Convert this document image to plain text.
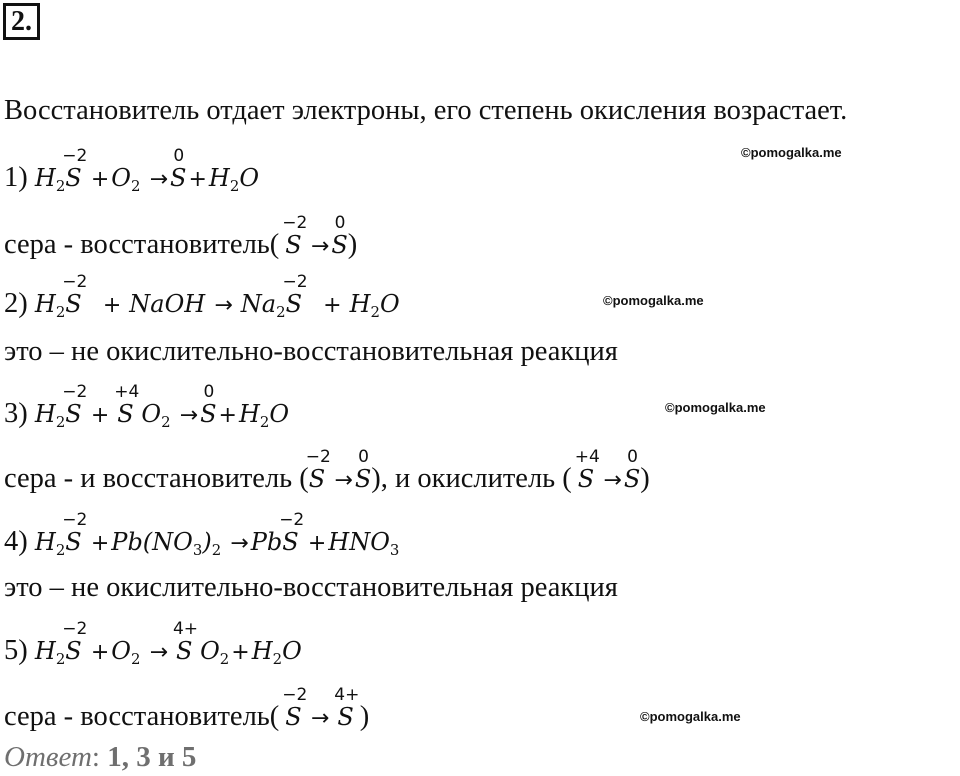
2.
Восстановитель отдает электроны, его степень окисления возрастает.
1) $H_2S$
−2
$+O_2 \to S$
0
$+H_2O$
©pomogalka.me
сера - восстановитель( S
−2
→S
0
)
2) $H_2S$
−2
+ NaOH → $Na_2S$
−2
+ $H_2O$	©pomogalka.me
это – не окислительно-восстановительная реакция
3) $H_2S$
−2
+ S
+4
$O_2 \to S$
0
$+H_2O$	©pomogalka.me
сера - и восстановитель (S
−2
→S
0
), и окислитель ( S
+4
→S
0
)
4) $H_2S$
−2
$+Pb(NO_3)_2 \to PbS$
−2
$+HNO_3$
это – не окислительно-восстановительная реакция
5) $H_2S$
−2
$+O_2 \to S$
4+
$O_2+H_2O$
сера - восстановитель( S
−2
→ S
4+
)	©pomogalka.me
Ответ: 1, 3 и 5
